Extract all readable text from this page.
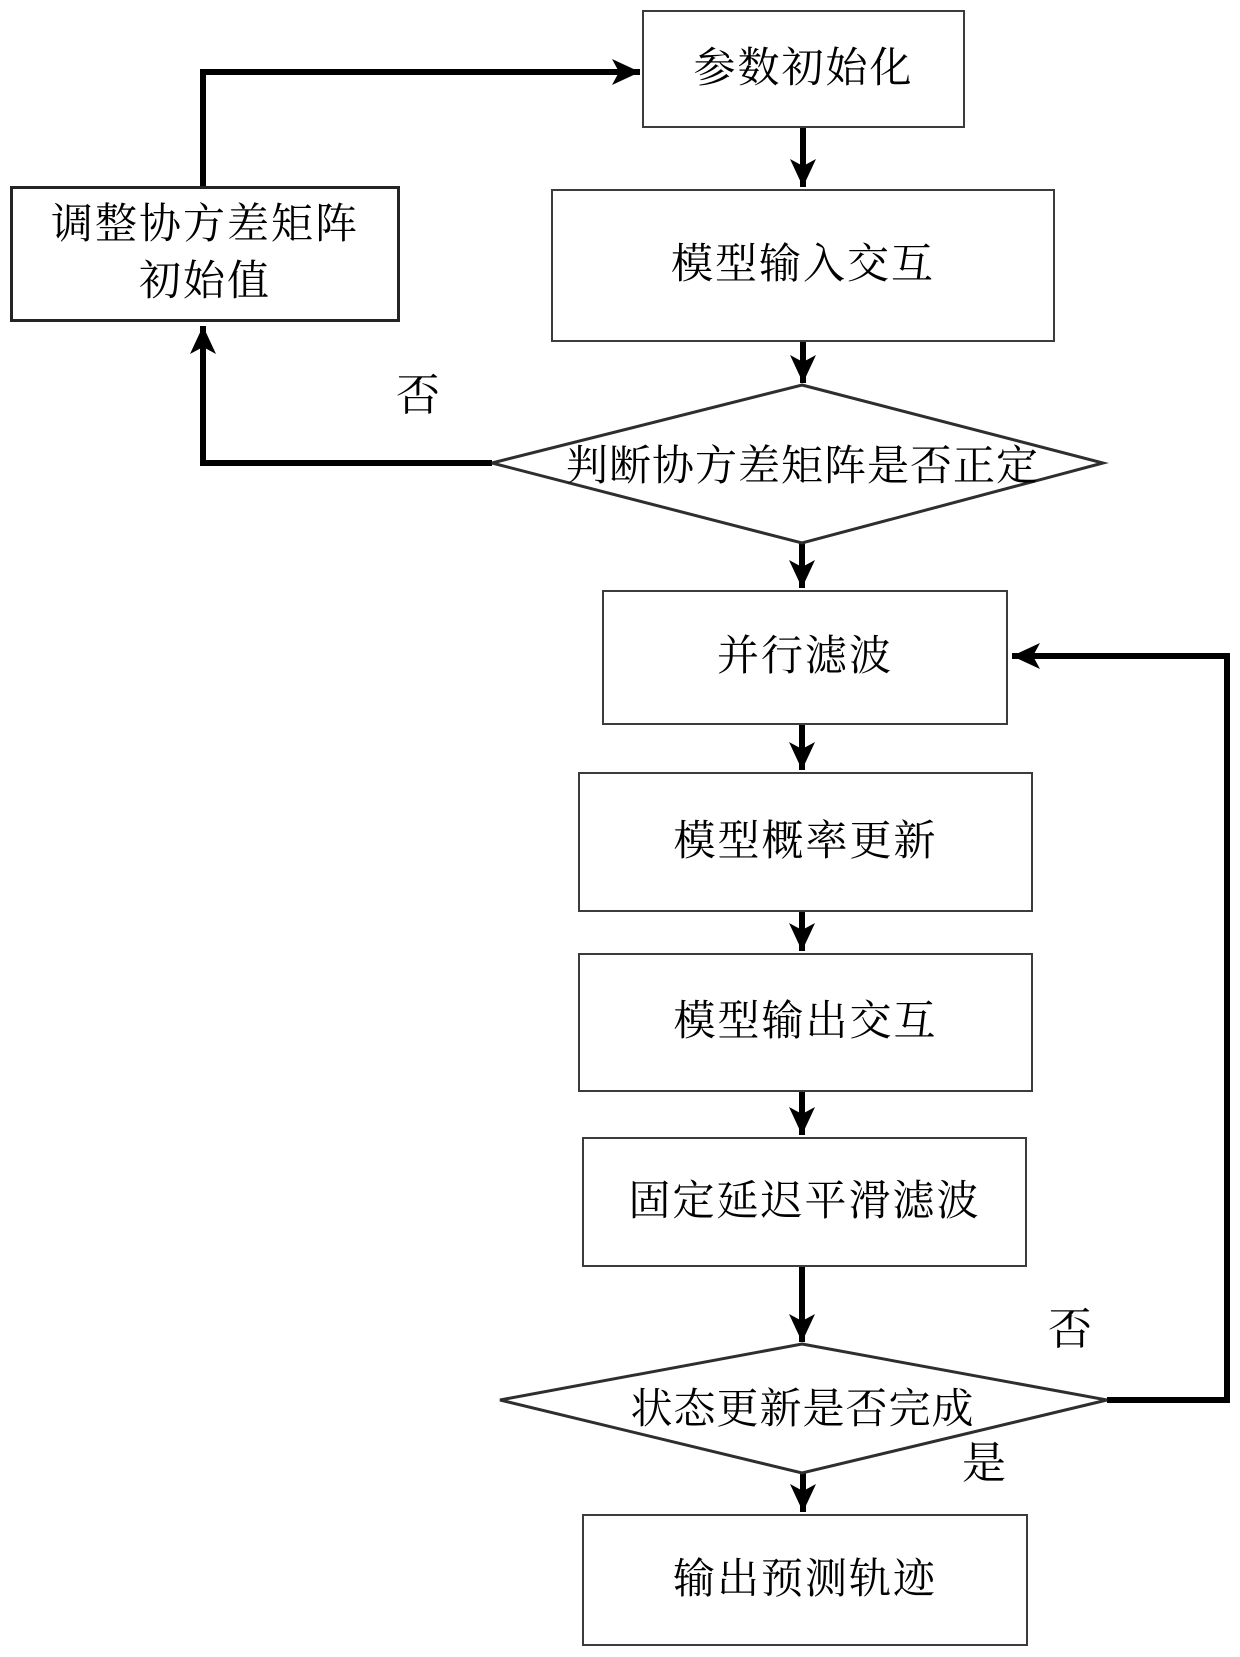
参数初始化
模型输入交互
调整协方差矩阵初始值
并行滤波
模型概率更新
模型输出交互
固定延迟平滑滤波
输出预测轨迹
判断协方差矩阵是否正定
状态更新是否完成
否
否
是
